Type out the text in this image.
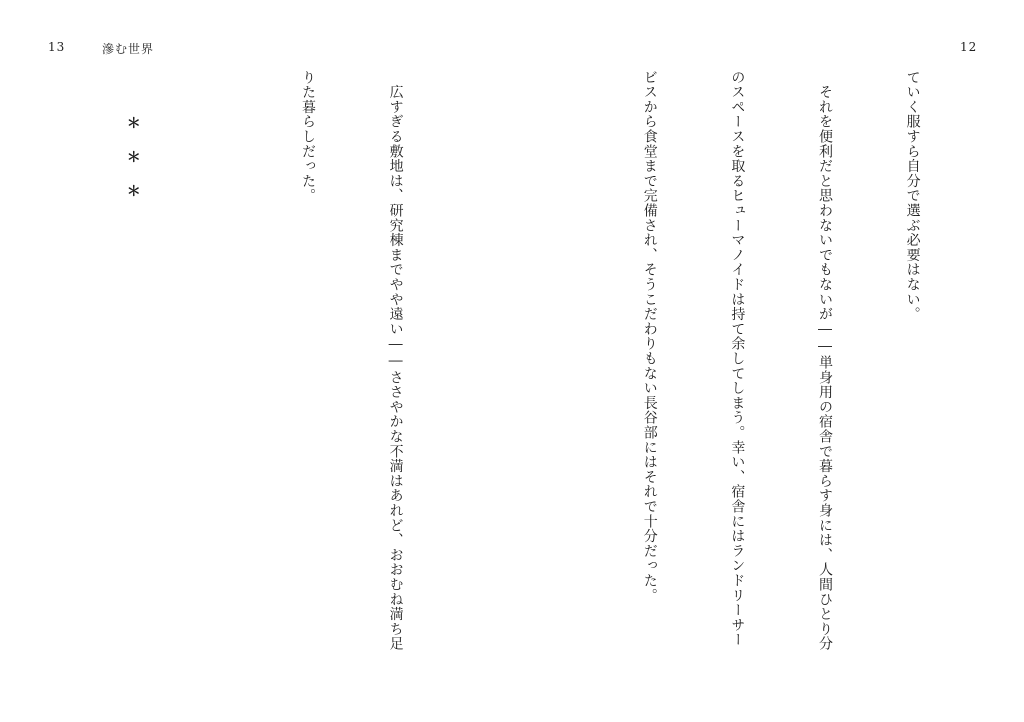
13	滲む世界	12

ていく服すら自分で選ぶ必要はない。

　それを便利だと思わないでもないが――単身用の宿舎で暮らす身には、人間ひとり分

のスペースを取るヒューマノイドは持て余してしまう。幸い、宿舎にはランドリーサー

ビスから食堂まで完備され、そうこだわりもない長谷部にはそれで十分だった。

　広すぎる敷地は、研究棟までやや遠い――ささやかな不満はあれど、おおむね満ち足

りた暮らしだった。

＊＊＊
